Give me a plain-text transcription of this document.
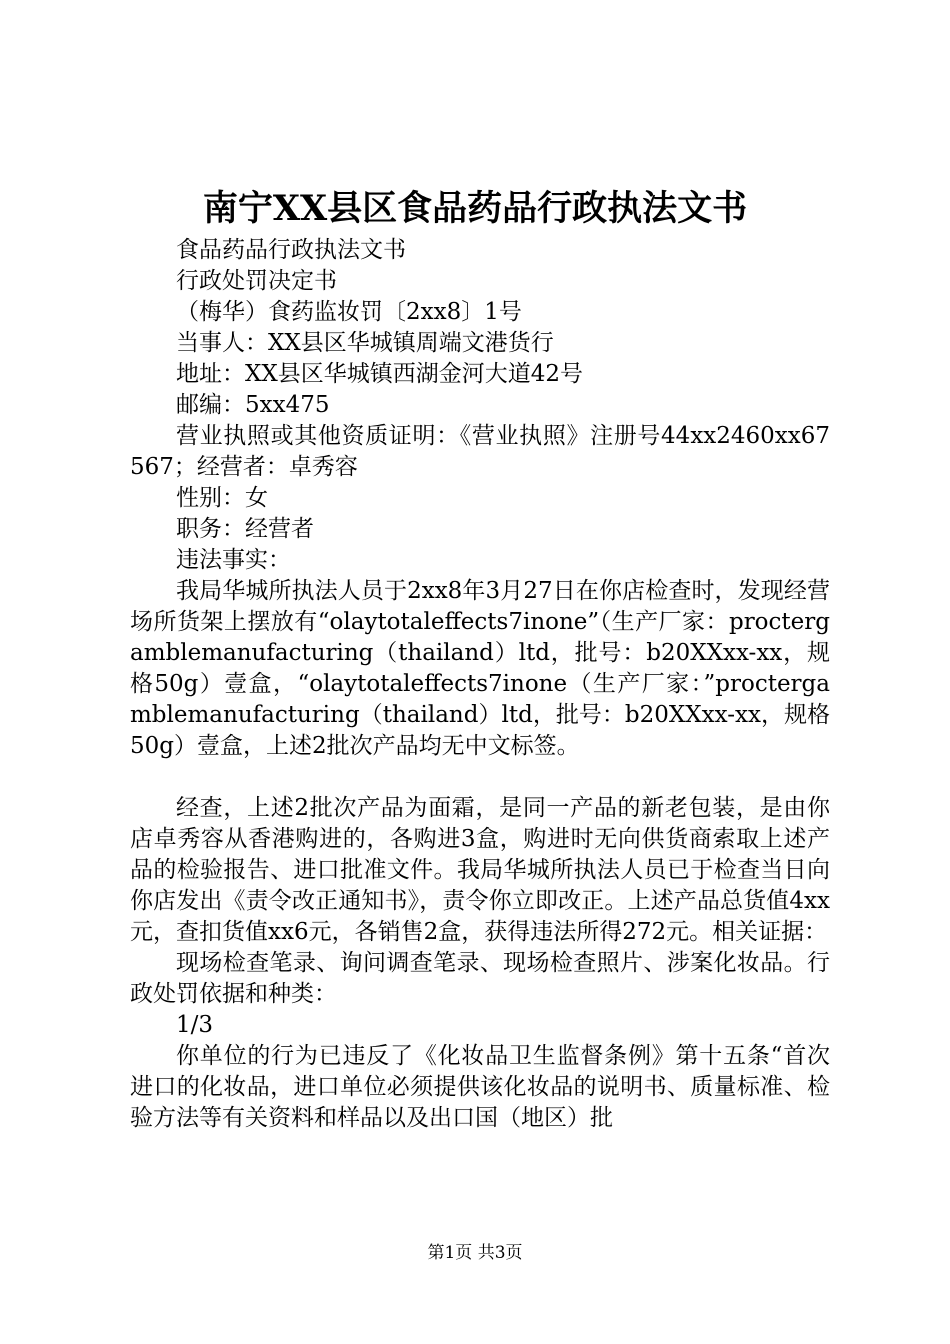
南宁XX县区食品药品行政执法文书

食品药品行政执法文书

行政处罚决定书

（梅华）食药监妆罚〔2xx8〕1号

当事人：XX县区华城镇周端文港货行

地址：XX县区华城镇西湖金河大道42号

邮编：5xx475

营业执照或其他资质证明：《营业执照》注册号44xx2460xx67567；经营者：卓秀容

性别：女

职务：经营者

违法事实：

我局华城所执法人员于2xx8年3月27日在你店检查时，发现经营场所货架上摆放有“olaytotaleffects7inone”（生产厂家：proctergamblemanufacturing（thailand）ltd，批号：b20XXxx-xx，规格50g）壹盒，“olaytotaleffects7inone（生产厂家：”proctergamblemanufacturing（thailand）ltd，批号：b20XXxx-xx，规格50g）壹盒，上述2批次产品均无中文标签。

经查，上述2批次产品为面霜，是同一产品的新老包装，是由你店卓秀容从香港购进的，各购进3盒，购进时无向供货商索取上述产品的检验报告、进口批准文件。我局华城所执法人员已于检查当日向你店发出《责令改正通知书》，责令你立即改正。上述产品总货值4xx元，查扣货值xx6元，各销售2盒，获得违法所得272元。相关证据：

现场检查笔录、询问调查笔录、现场检查照片、涉案化妆品。行政处罚依据和种类：

1/3

你单位的行为已违反了《化妆品卫生监督条例》第十五条“首次进口的化妆品，进口单位必须提供该化妆品的说明书、质量标准、检验方法等有关资料和样品以及出口国（地区）批

第1页 共3页
